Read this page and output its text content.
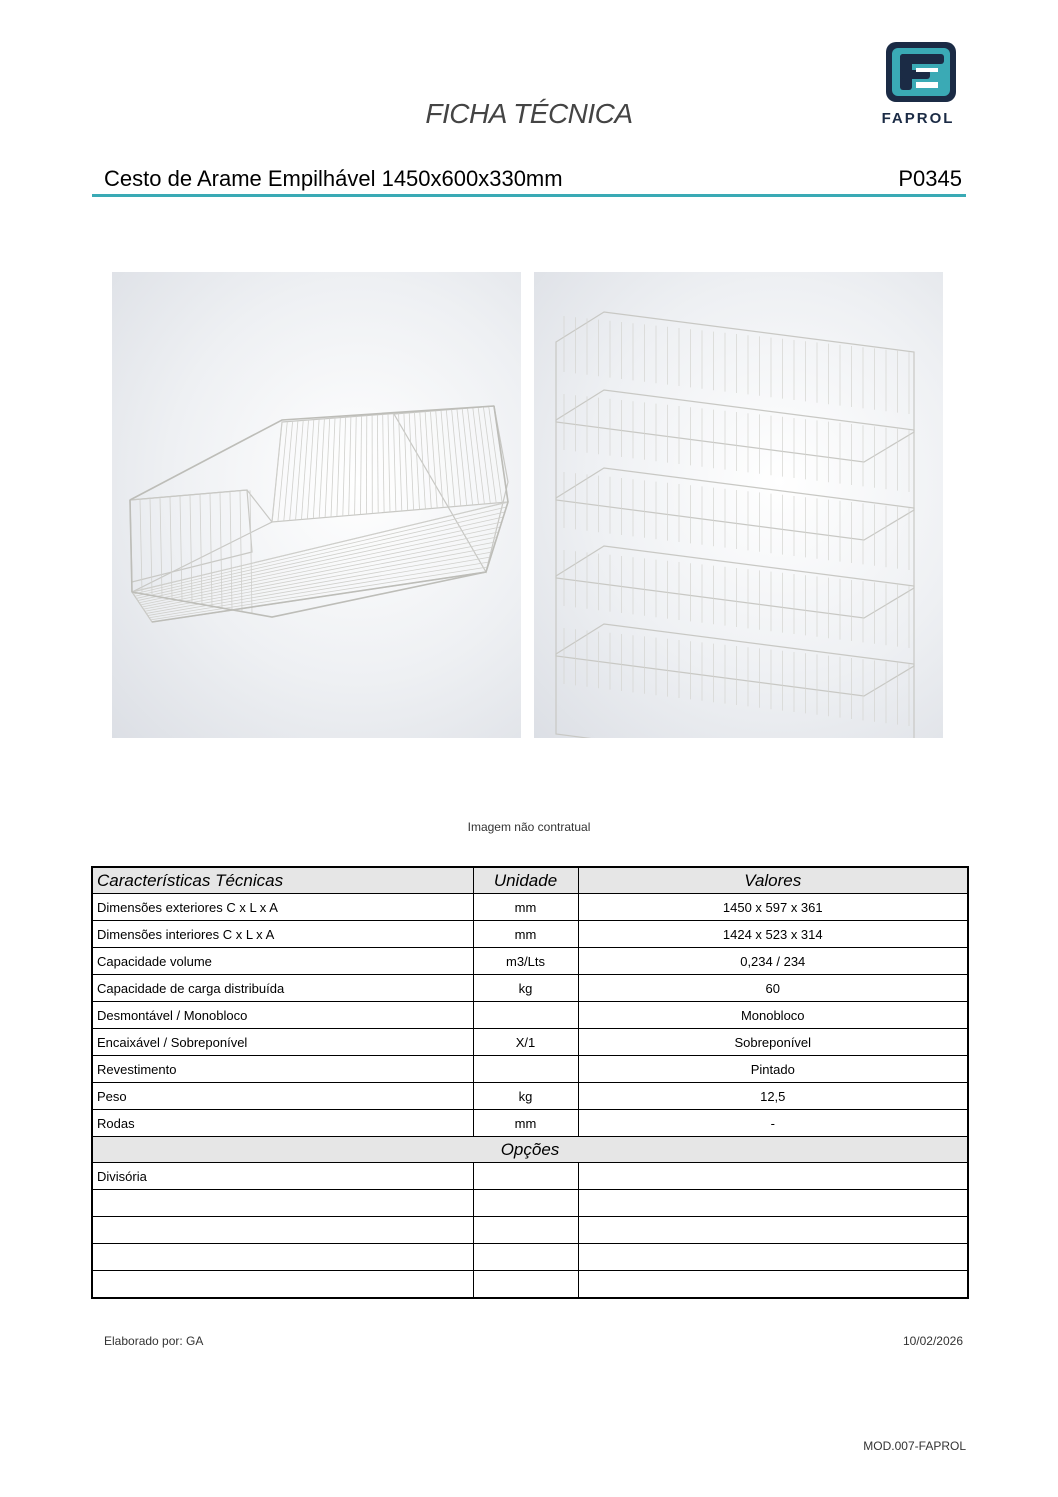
FICHA TÉCNICA	FAPROL
Cesto de Arame Empilhável 1450x600x330mm	P0345
Imagem não contratual
Características Técnicas	Unidade	Valores
Dimensões exteriores C x L x A	mm	1450 x 597 x 361
Dimensões interiores C x L x A	mm	1424 x 523 x 314
Capacidade volume	m3/Lts	0,234 / 234
Capacidade de carga distribuída	kg	60
Desmontável / Monobloco		Monobloco
Encaixável / Sobreponível	X/1	Sobreponível
Revestimento		Pintado
Peso	kg	12,5
Rodas	mm	-
Opções		
Divisória		

Elaborado por: GA	10/02/2026
MOD.007-FAPROL
